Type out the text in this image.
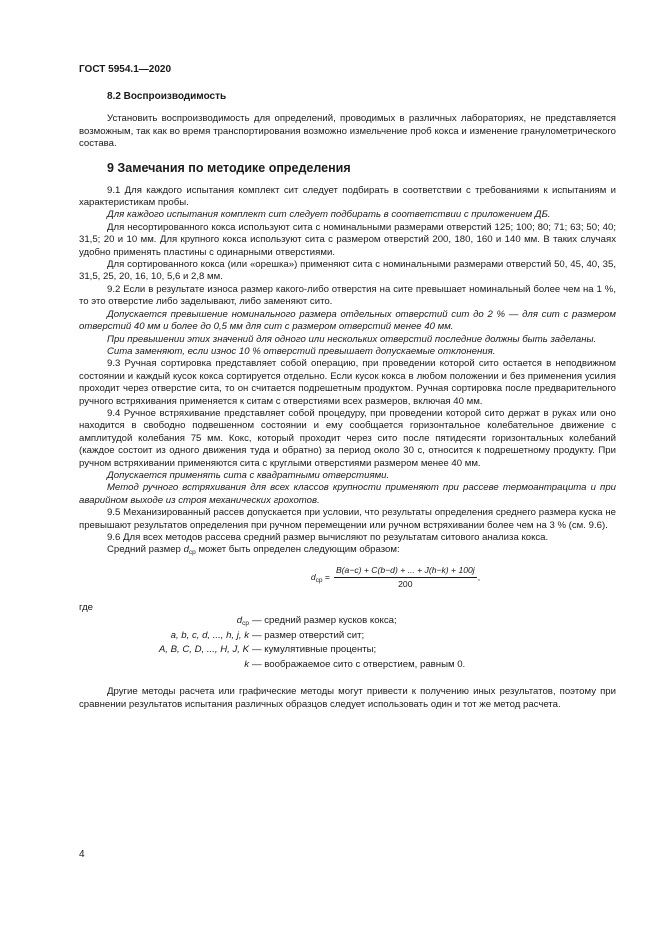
ГОСТ 5954.1—2020
8.2 Воспроизводимость

Установить воспроизводимость для определений, проводимых в различных лабораториях, не представляется возможным, так как во время транспортирования возможно измельчение проб кокса и изменение гранулометрического состава.

9 Замечания по методике определения

9.1 Для каждого испытания комплект сит следует подбирать в соответствии с требованиями к испытаниям и характеристикам пробы.

Для каждого испытания комплект сит следует подбирать в соответствии с приложением ДБ.

Для несортированного кокса используют сита с номинальными размерами отверстий 125; 100; 80; 71; 63; 50; 40; 31,5; 20 и 10 мм. Для крупного кокса используют сита с размером отверстий 200, 180, 160 и 140 мм. В таких случаях удобно применять пластины с одинарными отверстиями.

Для сортированного кокса (или «орешка») применяют сита с номинальными размерами отверстий 50, 45, 40, 35, 31,5, 25, 20, 16, 10, 5,6 и 2,8 мм.

9.2 Если в результате износа размер какого-либо отверстия на сите превышает номинальный более чем на 1 %, то это отверстие либо заделывают, либо заменяют сито.

Допускается превышение номинального размера отдельных отверстий сит до 2 % — для сит с размером отверстий 40 мм и более до 0,5 мм для сит с размером отверстий менее 40 мм.

При превышении этих значений для одного или нескольких отверстий последние должны быть заделаны.

Сита заменяют, если износ 10 % отверстий превышает допускаемые отклонения.

9.3 Ручная сортировка представляет собой операцию, при проведении которой сито остается в неподвижном состоянии и каждый кусок кокса сортируется отдельно. Если кусок кокса в любом положении и без применения усилия проходит через отверстие сита, то он считается подрешетным продуктом. Ручная сортировка после предварительного ручного встряхивания применяется к ситам с отверстиями всех размеров, включая 40 мм.

9.4 Ручное встряхивание представляет собой процедуру, при проведении которой сито держат в руках или оно находится в свободно подвешенном состоянии и ему сообщается горизонтальное колебательное движение с амплитудой колебания 75 мм. Кокс, который проходит через сито после пятидесяти горизонтальных колебаний (каждое состоит из одного движения туда и обратно) за период около 30 с, относится к подрешетному продукту. При ручном встряхивании применяются сита с круглыми отверстиями размером менее 40 мм.

Допускается применять сита с квадратными отверстиями.

Метод ручного встряхивания для всех классов крупности применяют при рассеве термоантрацита и при аварийном выходе из строя механических грохотов.

9.5 Механизированный рассев допускается при условии, что результаты определения среднего размера куска не превышают результатов определения при ручном перемещении или ручном встряхивании более чем на 3 % (см. 9.6).

9.6 Для всех методов рассева средний размер вычисляют по результатам ситового анализа кокса.

Средний размер $d_{ср}$ может быть определен следующим образом:

$d_{ср} = \frac{B(a-c) + C(b-d) + ... + J(h-k) + 100j}{200}$ ,
где
$d_{ср}$ — средний размер кусков кокса;
a, b, c, d, ..., h, j, k — размер отверстий сит;
A, B, C, D, ..., H, J, K — кумулятивные проценты;
k — воображаемое сито с отверстием, равным 0.

Другие методы расчета или графические методы могут привести к получению иных результатов, поэтому при сравнении результатов испытания различных образцов следует использовать один и тот же метод расчета.

4
